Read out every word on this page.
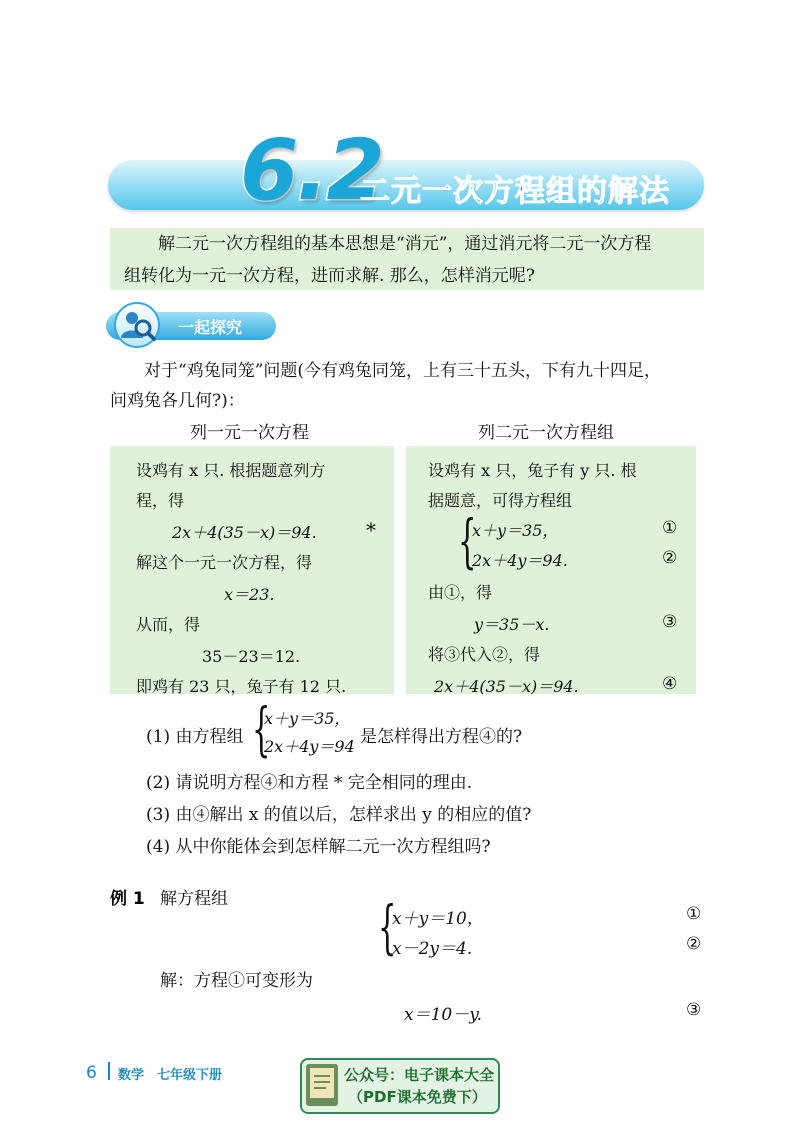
6.2
二元一次方程组的解法

解二元一次方程组的基本思想是“消元”，通过消元将二元一次方程

组转化为一元一次方程，进而求解. 那么，怎样消元呢?

一起探究
对于“鸡兔同笼”问题(今有鸡兔同笼，上有三十五头，下有九十四足，
问鸡兔各几何?)：
列一元一次方程	列二元一次方程组
设鸡有 x 只. 根据题意列方
程，得
2x＋4(35－x)＝94. *
解这个一元一次方程，得
x＝23.
从而，得
35－23＝12.
即鸡有 23 只，兔子有 12 只.
设鸡有 x 只，兔子有 y 只. 根
据题意，可得方程组
{
x＋y＝35，
2x＋4y＝94.
①
②
由①，得
y＝35－x.	③
将③代入②，得
2x＋4(35－x)＝94.	④
(1) 由方程组 {
x＋y＝35，
2x＋4y＝94 是怎样得出方程④的?
(2) 请说明方程④和方程 * 完全相同的理由.
(3) 由④解出 x 的值以后，怎样求出 y 的相应的值?
(4) 从中你能体会到怎样解二元一次方程组吗?
例 1 解方程组	{
x＋y＝10，
x－2y＝4.
①
②
解：方程①可变形为
x＝10－y.	③
6 数学　七年级下册	公众号：电子课本大全
（PDF课本免费下）
